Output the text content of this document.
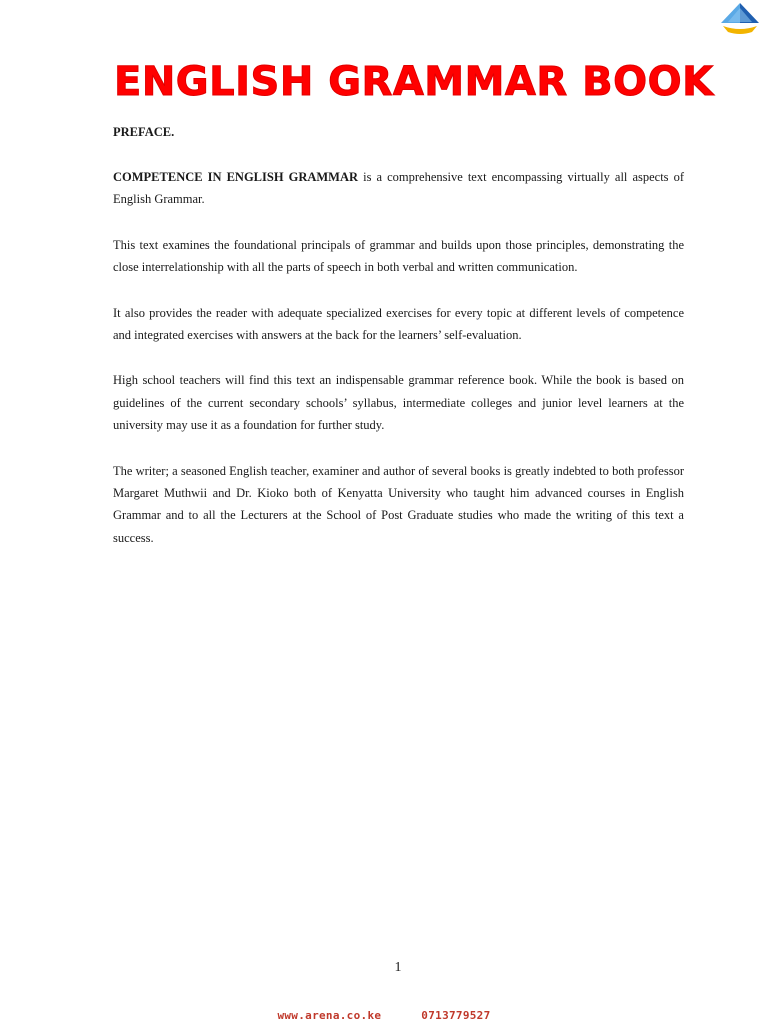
ENGLISH GRAMMAR BOOK

PREFACE.

COMPETENCE IN ENGLISH GRAMMAR is a comprehensive text encompassing virtually all aspects of English Grammar.

This text examines the foundational principals of grammar and builds upon those principles, demonstrating the close interrelationship with all the parts of speech in both verbal and written communication.

It also provides the reader with adequate specialized exercises for every topic at different levels of competence and integrated exercises with answers at the back for the learners’ self-evaluation.

High school teachers will find this text an indispensable grammar reference book. While the book is based on guidelines of the current secondary schools’ syllabus, intermediate colleges and junior level learners at the university may use it as a foundation for further study.

The writer; a seasoned English teacher, examiner and author of several books is greatly indebted to both professor Margaret Muthwii and Dr. Kioko both of Kenyatta University who taught him advanced courses in English Grammar and to all the Lecturers at the School of Post Graduate studies who made the writing of this text a success.

1
www.arena.co.ke	0713779527
